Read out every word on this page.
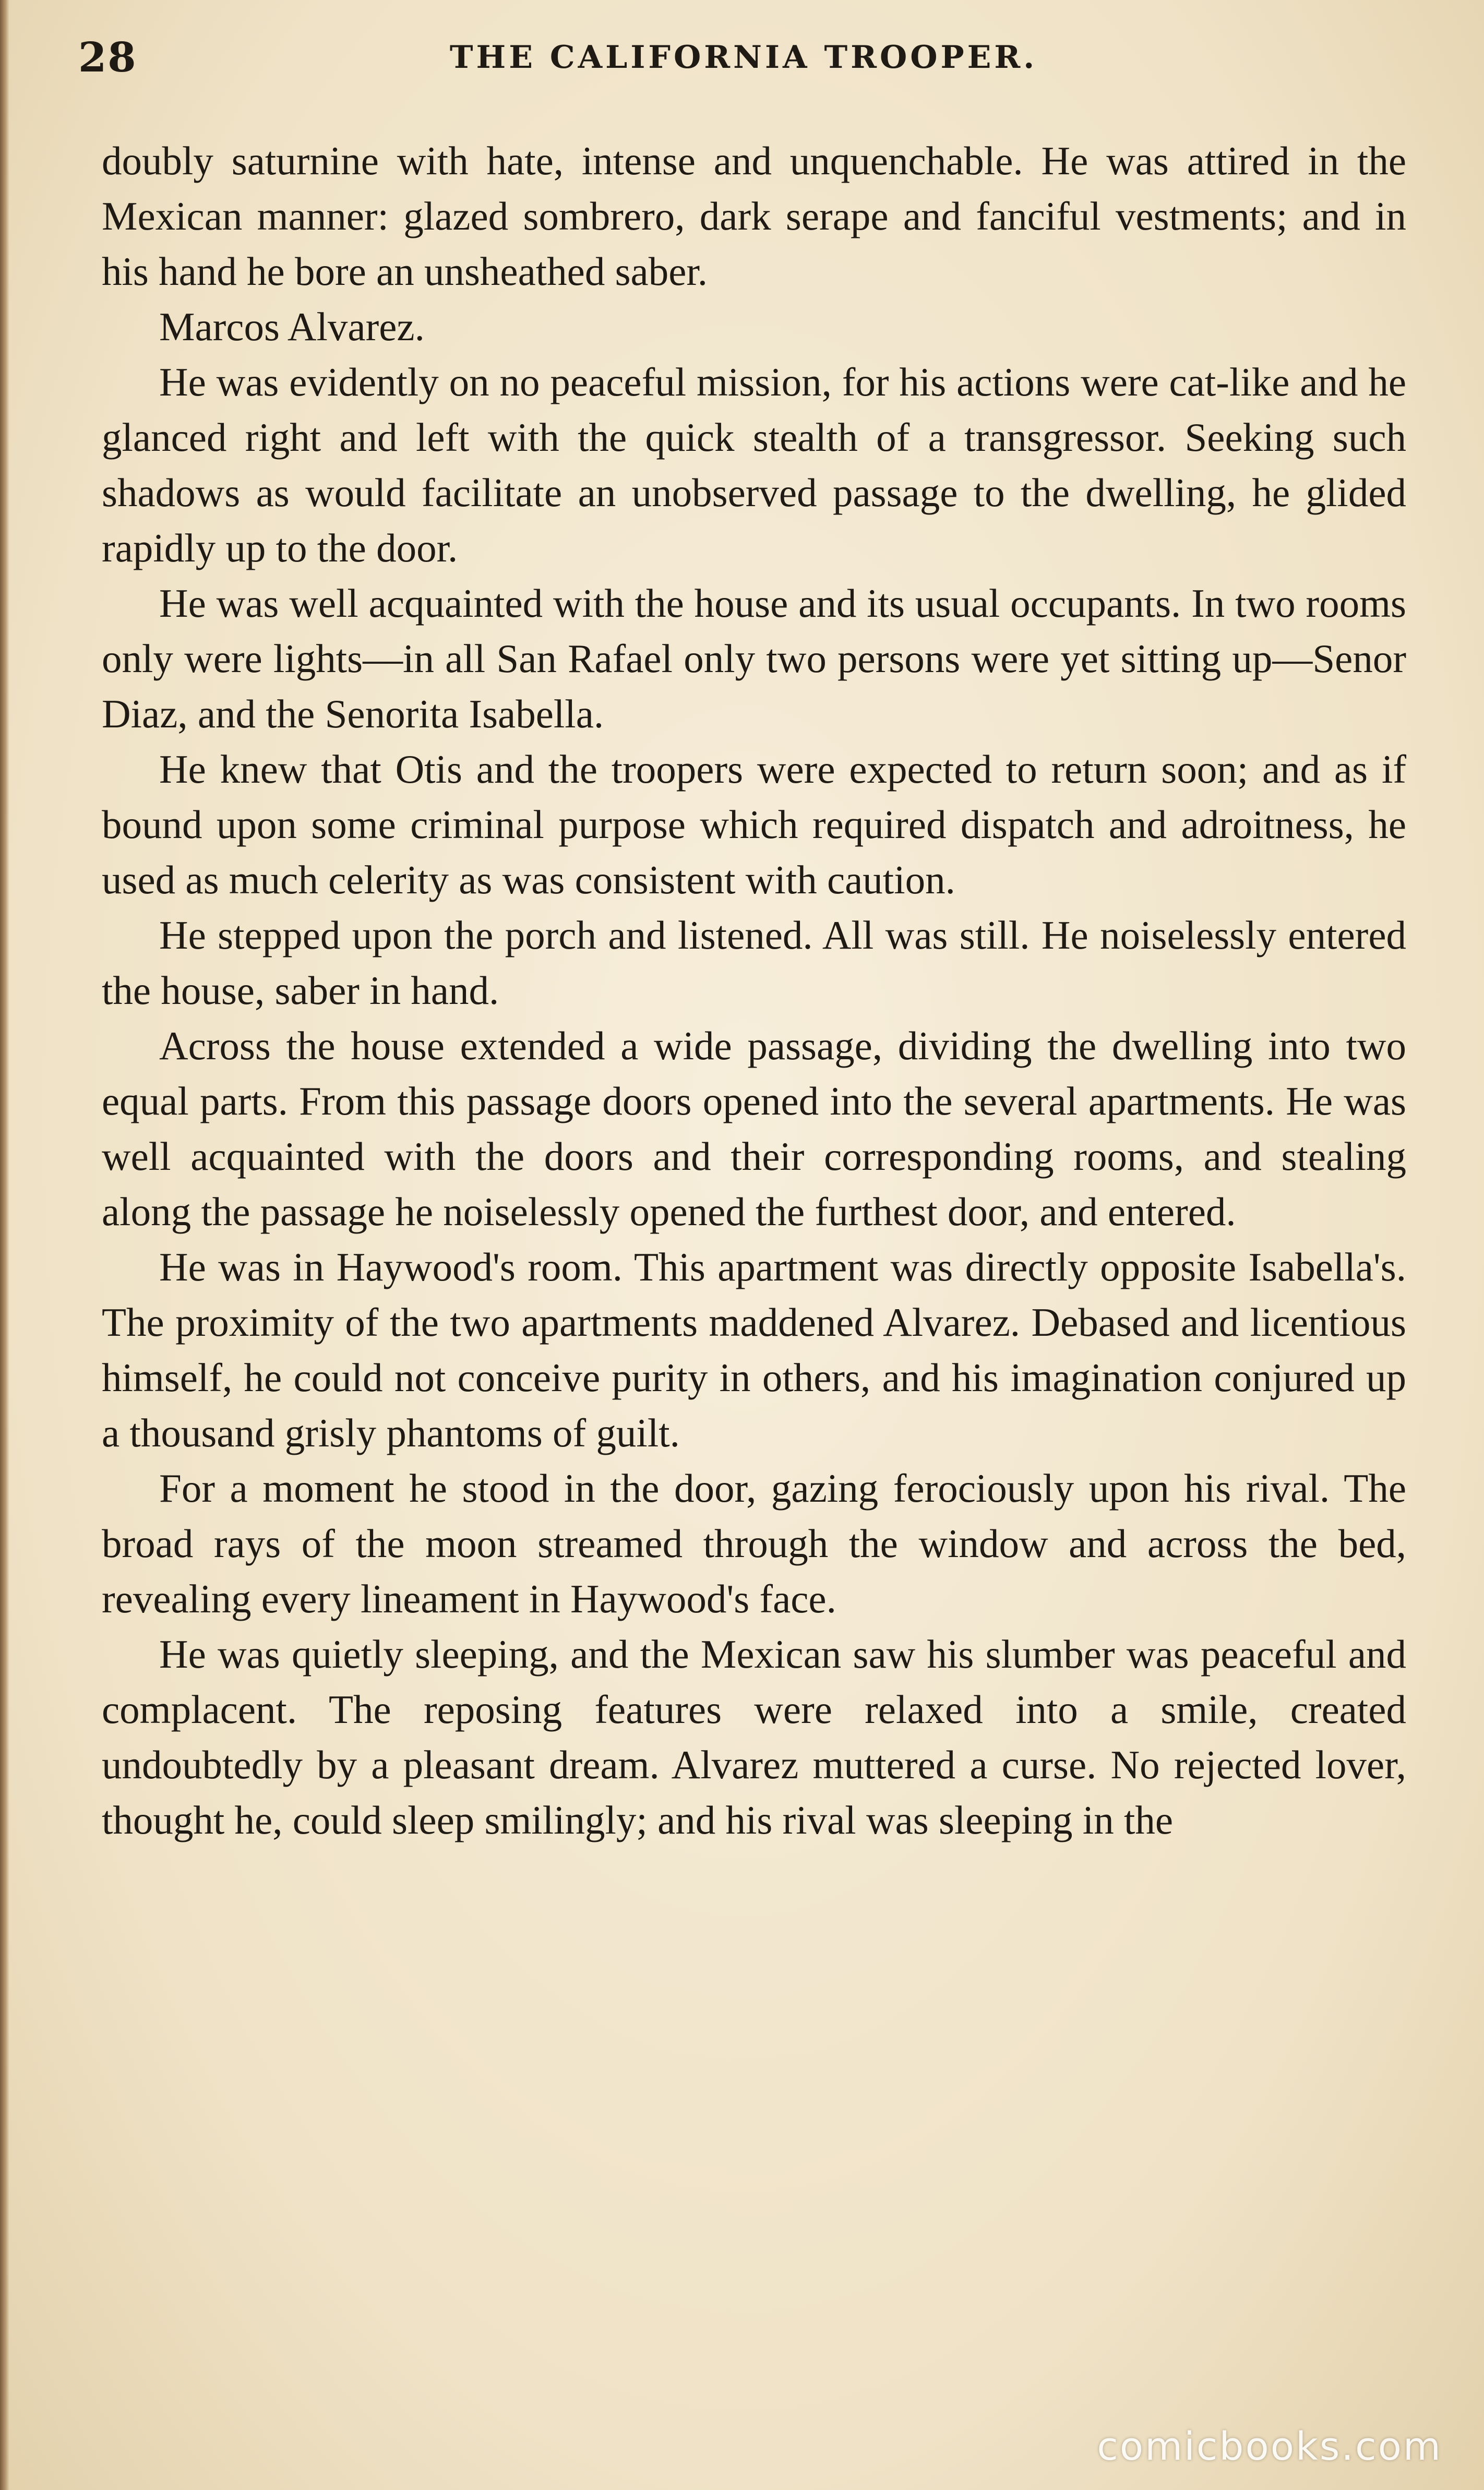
28	THE CALIFORNIA TROOPER.

doubly saturnine with hate, intense and unquenchable. He was attired in the Mexican manner: glazed sombrero, dark serape and fanciful vestments; and in his hand he bore an unsheathed saber.

Marcos Alvarez.

He was evidently on no peaceful mission, for his actions were cat-like and he glanced right and left with the quick stealth of a transgressor. Seeking such shadows as would facilitate an unobserved passage to the dwelling, he glided rapidly up to the door.

He was well acquainted with the house and its usual occupants. In two rooms only were lights—in all San Rafael only two persons were yet sitting up—Senor Diaz, and the Senorita Isabella.

He knew that Otis and the troopers were expected to return soon; and as if bound upon some criminal purpose which required dispatch and adroitness, he used as much celerity as was consistent with caution.

He stepped upon the porch and listened. All was still. He noiselessly entered the house, saber in hand.

Across the house extended a wide passage, dividing the dwelling into two equal parts. From this passage doors opened into the several apartments. He was well acquainted with the doors and their corresponding rooms, and stealing along the passage he noiselessly opened the furthest door, and entered.

He was in Haywood's room. This apartment was directly opposite Isabella's. The proximity of the two apartments maddened Alvarez. Debased and licentious himself, he could not conceive purity in others, and his imagination conjured up a thousand grisly phantoms of guilt.

For a moment he stood in the door, gazing ferociously upon his rival. The broad rays of the moon streamed through the window and across the bed, revealing every lineament in Haywood's face.

He was quietly sleeping, and the Mexican saw his slumber was peaceful and complacent. The reposing features were relaxed into a smile, created undoubtedly by a pleasant dream. Alvarez muttered a curse. No rejected lover, thought he, could sleep smilingly; and his rival was sleeping in the

comicbooks.com
